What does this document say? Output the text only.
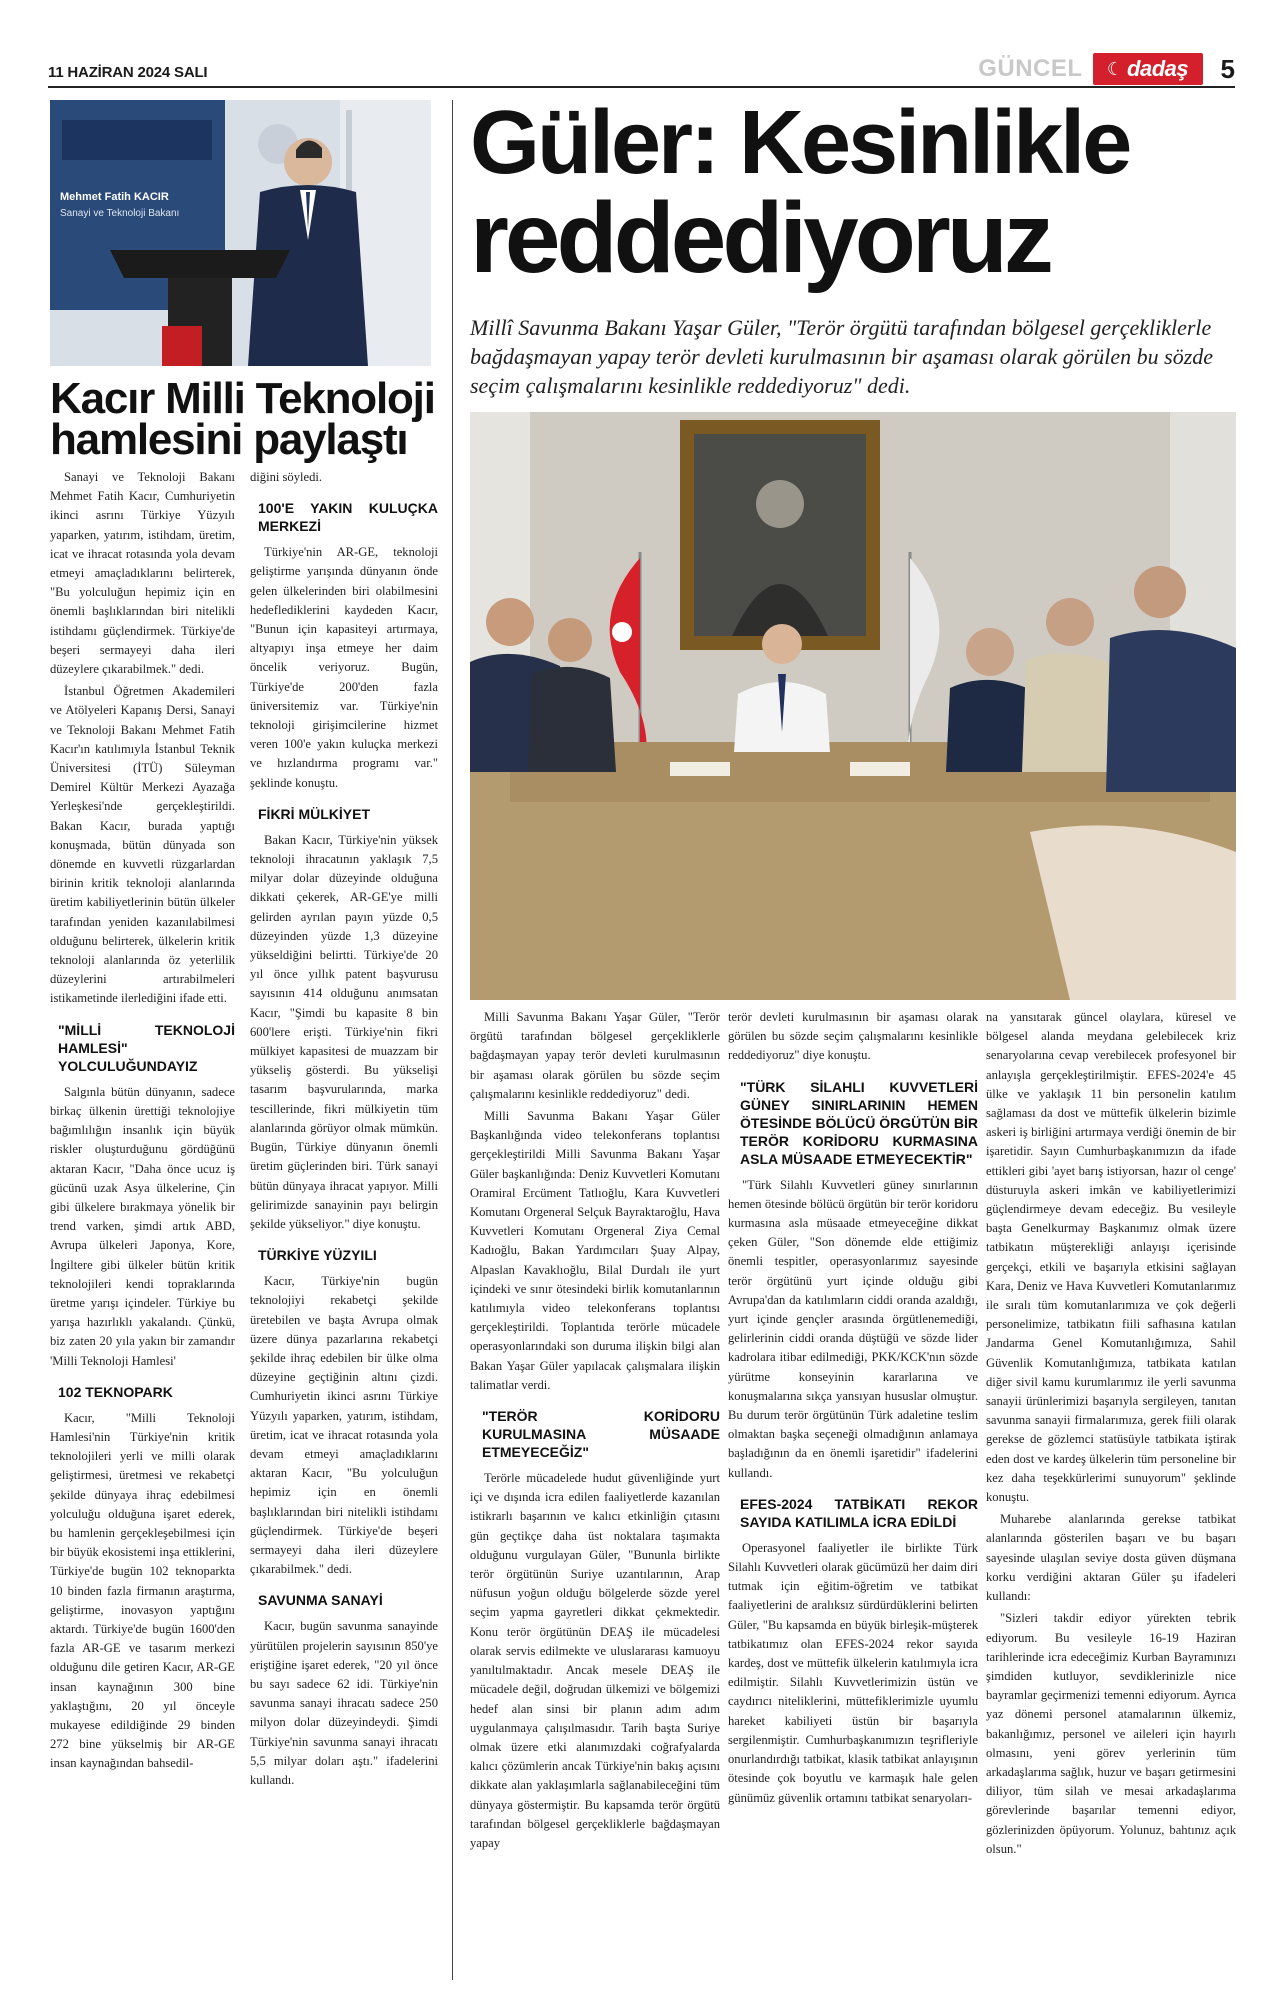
11 HAZİRAN 2024 SALI	GÜNCEL ☾ dadaş 5
Mehmet Fatih KACIR
Sanayi ve Teknoloji Bakanı
Kacır Milli Teknoloji hamlesini paylaştı

Sanayi ve Teknoloji Bakanı Mehmet Fatih Kacır, Cumhuriyetin ikinci asrını Türkiye Yüzyılı yaparken, yatırım, istihdam, üretim, icat ve ihracat rotasında yola devam etmeyi amaçladıklarını belirterek, "Bu yolculuğun hepimiz için en önemli başlıklarından biri nitelikli istihdamı güçlendirmek. Türkiye'de beşeri sermayeyi daha ileri düzeylere çıkarabilmek." dedi.

İstanbul Öğretmen Akademileri ve Atölyeleri Kapanış Dersi, Sanayi ve Teknoloji Bakanı Mehmet Fatih Kacır'ın katılımıyla İstanbul Teknik Üniversitesi (İTÜ) Süleyman Demirel Kültür Merkezi Ayazağa Yerleşkesi'nde gerçekleştirildi. Bakan Kacır, burada yaptığı konuşmada, bütün dünyada son dönemde en kuvvetli rüzgarlardan birinin kritik teknoloji alanlarında üretim kabiliyetlerinin bütün ülkeler tarafından yeniden kazanılabilmesi olduğunu belirterek, ülkelerin kritik teknoloji alanlarında öz yeterlilik düzeylerini artırabilmeleri istikametinde ilerlediğini ifade etti.

"MİLLİ TEKNOLOJİ HAMLESİ" YOLCULUĞUNDAYIZ

Salgınla bütün dünyanın, sadece birkaç ülkenin ürettiği teknolojiye bağımlılığın insanlık için büyük riskler oluşturduğunu gördüğünü aktaran Kacır, "Daha önce ucuz iş gücünü uzak Asya ülkelerine, Çin gibi ülkelere bırakmaya yönelik bir trend varken, şimdi artık ABD, Avrupa ülkeleri Japonya, Kore, İngiltere gibi ülkeler bütün kritik teknolojileri kendi topraklarında üretme yarışı içindeler. Türkiye bu yarışa hazırlıklı yakalandı. Çünkü, biz zaten 20 yıla yakın bir zamandır 'Milli Teknoloji Hamlesi'

102 TEKNOPARK

Kacır, "Milli Teknoloji Hamlesi'nin Türkiye'nin kritik teknolojileri yerli ve milli olarak geliştirmesi, üretmesi ve rekabetçi şekilde dünyaya ihraç edebilmesi yolculuğu olduğuna işaret ederek, bu hamlenin gerçekleşebilmesi için bir büyük ekosistemi inşa ettiklerini, Türkiye'de bugün 102 teknoparkta 10 binden fazla firmanın araştırma, geliştirme, inovasyon yaptığını aktardı. Türkiye'de bugün 1600'den fazla AR-GE ve tasarım merkezi olduğunu dile getiren Kacır, AR-GE insan kaynağının 300 bine yaklaştığını, 20 yıl önceyle mukayese edildiğinde 29 binden 272 bine yükselmiş bir AR-GE insan kaynağından bahsedil-

diğini söyledi.

100'E YAKIN KULUÇKA MERKEZİ

Türkiye'nin AR-GE, teknoloji geliştirme yarışında dünyanın önde gelen ülkelerinden biri olabilmesini hedeflediklerini kaydeden Kacır, "Bunun için kapasiteyi artırmaya, altyapıyı inşa etmeye her daim öncelik veriyoruz. Bugün, Türkiye'de 200'den fazla üniversitemiz var. Türkiye'nin teknoloji girişimcilerine hizmet veren 100'e yakın kuluçka merkezi ve hızlandırma programı var." şeklinde konuştu.

FİKRİ MÜLKİYET

Bakan Kacır, Türkiye'nin yüksek teknoloji ihracatının yaklaşık 7,5 milyar dolar düzeyinde olduğuna dikkati çekerek, AR-GE'ye milli gelirden ayrılan payın yüzde 0,5 düzeyinden yüzde 1,3 düzeyine yükseldiğini belirtti. Türkiye'de 20 yıl önce yıllık patent başvurusu sayısının 414 olduğunu anımsatan Kacır, "Şimdi bu kapasite 8 bin 600'lere erişti. Türkiye'nin fikri mülkiyet kapasitesi de muazzam bir yükseliş gösterdi. Bu yükselişi tasarım başvurularında, marka tescillerinde, fikri mülkiyetin tüm alanlarında görüyor olmak mümkün. Bugün, Türkiye dünyanın önemli üretim güçlerinden biri. Türk sanayi bütün dünyaya ihracat yapıyor. Milli gelirimizde sanayinin payı belirgin şekilde yükseliyor." diye konuştu.

TÜRKİYE YÜZYILI

Kacır, Türkiye'nin bugün teknolojiyi rekabetçi şekilde üretebilen ve başta Avrupa olmak üzere dünya pazarlarına rekabetçi şekilde ihraç edebilen bir ülke olma düzeyine geçtiğinin altını çizdi. Cumhuriyetin ikinci asrını Türkiye Yüzyılı yaparken, yatırım, istihdam, üretim, icat ve ihracat rotasında yola devam etmeyi amaçladıklarını aktaran Kacır, "Bu yolculuğun hepimiz için en önemli başlıklarından biri nitelikli istihdamı güçlendirmek. Türkiye'de beşeri sermayeyi daha ileri düzeylere çıkarabilmek." dedi.

SAVUNMA SANAYİ

Kacır, bugün savunma sanayinde yürütülen projelerin sayısının 850'ye eriştiğine işaret ederek, "20 yıl önce bu sayı sadece 62 idi. Türkiye'nin savunma sanayi ihracatı sadece 250 milyon dolar düzeyindeydi. Şimdi Türkiye'nin savunma sanayi ihracatı 5,5 milyar doları aştı." ifadelerini kullandı.

Güler: Kesinlikle
reddediyoruz
Millî Savunma Bakanı Yaşar Güler, "Terör örgütü tarafından bölgesel gerçekliklerle bağdaşmayan yapay terör devleti kurulmasının bir aşaması olarak görülen bu sözde seçim çalışmalarını kesinlikle reddediyoruz" dedi.

Milli Savunma Bakanı Yaşar Güler, "Terör örgütü tarafından bölgesel gerçekliklerle bağdaşmayan yapay terör devleti kurulmasının bir aşaması olarak görülen bu sözde seçim çalışmalarını kesinlikle reddediyoruz" dedi.

Milli Savunma Bakanı Yaşar Güler Başkanlığında video telekonferans toplantısı gerçekleştirildi Milli Savunma Bakanı Yaşar Güler başkanlığında: Deniz Kuvvetleri Komutanı Oramiral Ercüment Tatlıoğlu, Kara Kuvvetleri Komutanı Orgeneral Selçuk Bayraktaroğlu, Hava Kuvvetleri Komutanı Orgeneral Ziya Cemal Kadıoğlu, Bakan Yardımcıları Şuay Alpay, Alpaslan Kavaklıoğlu, Bilal Durdalı ile yurt içindeki ve sınır ötesindeki birlik komutanlarının katılımıyla video telekonferans toplantısı gerçekleştirildi. Toplantıda terörle mücadele operasyonlarındaki son duruma ilişkin bilgi alan Bakan Yaşar Güler yapılacak çalışmalara ilişkin talimatlar verdi.

"TERÖR KORİDORU KURULMASINA MÜSAADE ETMEYECEĞİZ"

Terörle mücadelede hudut güvenliğinde yurt içi ve dışında icra edilen faaliyetlerde kazanılan istikrarlı başarının ve kalıcı etkinliğin çıtasını gün geçtikçe daha üst noktalara taşımakta olduğunu vurgulayan Güler, "Bununla birlikte terör örgütünün Suriye uzantılarının, Arap nüfusun yoğun olduğu bölgelerde sözde yerel seçim yapma gayretleri dikkat çekmektedir. Konu terör örgütünün DEAŞ ile mücadelesi olarak servis edilmekte ve uluslararası kamuoyu yanıltılmaktadır. Ancak mesele DEAŞ ile mücadele değil, doğrudan ülkemizi ve bölgemizi hedef alan sinsi bir planın adım adım uygulanmaya çalışılmasıdır. Tarih başta Suriye olmak üzere etki alanımızdaki coğrafyalarda kalıcı çözümlerin ancak Türkiye'nin bakış açısını dikkate alan yaklaşımlarla sağlanabileceğini tüm dünyaya göstermiştir. Bu kapsamda terör örgütü tarafından bölgesel gerçekliklerle bağdaşmayan yapay

terör devleti kurulmasının bir aşaması olarak görülen bu sözde seçim çalışmalarını kesinlikle reddediyoruz" diye konuştu.

"TÜRK SİLAHLI KUVVETLERİ GÜNEY SINIRLARININ HEMEN ÖTESİNDE BÖLÜCÜ ÖRGÜTÜN BİR TERÖR KORİDORU KURMASINA ASLA MÜSAADE ETMEYECEKTİR"

"Türk Silahlı Kuvvetleri güney sınırlarının hemen ötesinde bölücü örgütün bir terör koridoru kurmasına asla müsaade etmeyeceğine dikkat çeken Güler, "Son dönemde elde ettiğimiz önemli tespitler, operasyonlarımız sayesinde terör örgütünü yurt içinde olduğu gibi Avrupa'dan da katılımların ciddi oranda azaldığı, yurt içinde gençler arasında örgütlenemediği, gelirlerinin ciddi oranda düştüğü ve sözde lider kadrolara itibar edilmediği, PKK/KCK'nın sözde yürütme konseyinin kararlarına ve konuşmalarına sıkça yansıyan hususlar olmuştur. Bu durum terör örgütünün Türk adaletine teslim olmaktan başka seçeneği olmadığının anlamaya başladığının da en önemli işaretidir" ifadelerini kullandı.

EFES-2024 TATBİKATI REKOR SAYIDA KATILIMLA İCRA EDİLDİ

Operasyonel faaliyetler ile birlikte Türk Silahlı Kuvvetleri olarak gücümüzü her daim diri tutmak için eğitim-öğretim ve tatbikat faaliyetlerini de aralıksız sürdürdüklerini belirten Güler, "Bu kapsamda en büyük birleşik-müşterek tatbikatımız olan EFES-2024 rekor sayıda kardeş, dost ve müttefik ülkelerin katılımıyla icra edilmiştir. Silahlı Kuvvetlerimizin üstün ve caydırıcı niteliklerini, müttefiklerimizle uyumlu hareket kabiliyeti üstün bir başarıyla sergilenmiştir. Cumhurbaşkanımızın teşrifleriyle onurlandırdığı tatbikat, klasik tatbikat anlayışının ötesinde çok boyutlu ve karmaşık hale gelen günümüz güvenlik ortamını tatbikat senaryoları-

na yansıtarak güncel olaylara, küresel ve bölgesel alanda meydana gelebilecek kriz senaryolarına cevap verebilecek profesyonel bir anlayışla gerçekleştirilmiştir. EFES-2024'e 45 ülke ve yaklaşık 11 bin personelin katılım sağlaması da dost ve müttefik ülkelerin bizimle askeri iş birliğini artırmaya verdiği önemin de bir işaretidir. Sayın Cumhurbaşkanımızın da ifade ettikleri gibi 'ayet barış istiyorsan, hazır ol cenge' düsturuyla askeri imkân ve kabiliyetlerimizi güçlendirmeye devam edeceğiz. Bu vesileyle başta Genelkurmay Başkanımız olmak üzere tatbikatın müşterekliği anlayışı içerisinde gerçekçi, etkili ve başarıyla etkisini sağlayan Kara, Deniz ve Hava Kuvvetleri Komutanlarımız ile sıralı tüm komutanlarımıza ve çok değerli personelimize, tatbikatın fiili safhasına katılan Jandarma Genel Komutanlığımıza, Sahil Güvenlik Komutanlığımıza, tatbikata katılan diğer sivil kamu kurumlarımız ile yerli savunma sanayii ürünlerimizi başarıyla sergileyen, tanıtan savunma sanayii firmalarımıza, gerek fiili olarak gerekse de gözlemci statüsüyle tatbikata iştirak eden dost ve kardeş ülkelerin tüm personeline bir kez daha teşekkürlerimi sunuyorum" şeklinde konuştu.

Muharebe alanlarında gerekse tatbikat alanlarında gösterilen başarı ve bu başarı sayesinde ulaşılan seviye dosta güven düşmana korku verdiğini aktaran Güler şu ifadeleri kullandı:

"Sizleri takdir ediyor yürekten tebrik ediyorum. Bu vesileyle 16-19 Haziran tarihlerinde icra edeceğimiz Kurban Bayramınızı şimdiden kutluyor, sevdiklerinizle nice bayramlar geçirmenizi temenni ediyorum. Ayrıca yaz dönemi personel atamalarının ülkemiz, bakanlığımız, personel ve aileleri için hayırlı olmasını, yeni görev yerlerinin tüm arkadaşlarıma sağlık, huzur ve başarı getirmesini diliyor, tüm silah ve mesai arkadaşlarıma görevlerinde başarılar temenni ediyor, gözlerinizden öpüyorum. Yolunuz, bahtınız açık olsun."
